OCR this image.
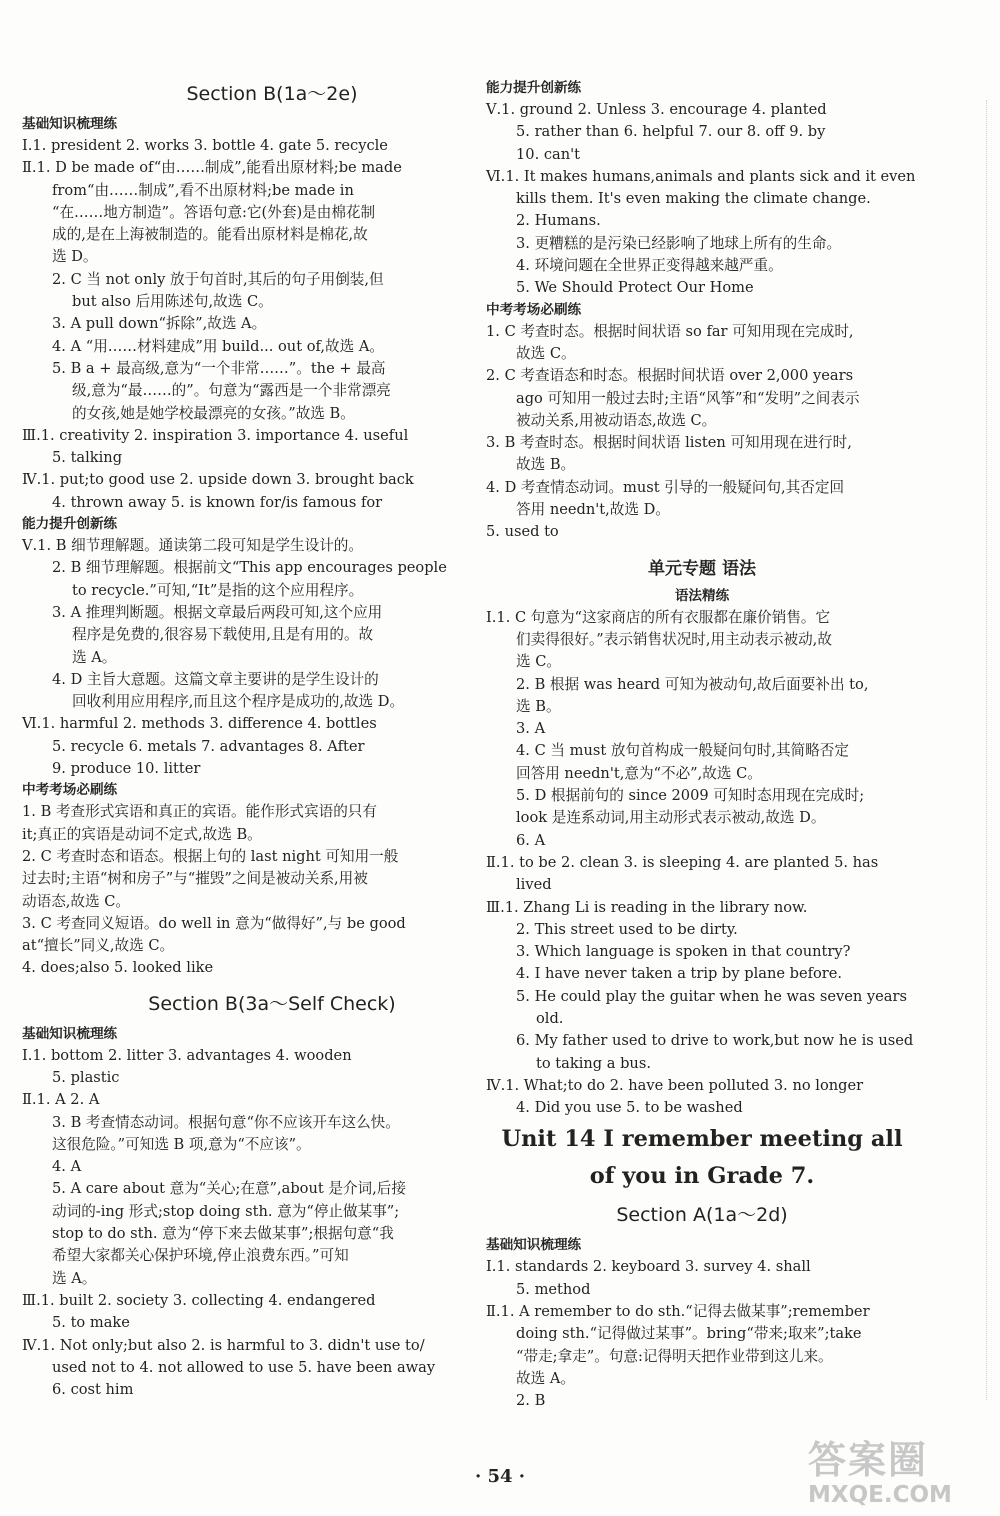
Section B(1a～2e)
基础知识梳理练
Ⅰ.1. president 2. works 3. bottle 4. gate 5. recycle
Ⅱ.1. D be made of“由……制成”,能看出原材料;be made
from“由……制成”,看不出原材料;be made in
“在……地方制造”。答语句意:它(外套)是由棉花制
成的,是在上海被制造的。能看出原材料是棉花,故
选 D。
2. C 当 not only 放于句首时,其后的句子用倒装,但
but also 后用陈述句,故选 C。
3. A pull down“拆除”,故选 A。
4. A “用……材料建成”用 build... out of,故选 A。
5. B a + 最高级,意为“一个非常……”。the + 最高
级,意为“最……的”。句意为“露西是一个非常漂亮
的女孩,她是她学校最漂亮的女孩。”故选 B。
Ⅲ.1. creativity 2. inspiration 3. importance 4. useful
5. talking
Ⅳ.1. put;to good use 2. upside down 3. brought back
4. thrown away 5. is known for/is famous for
能力提升创新练
Ⅴ.1. B 细节理解题。通读第二段可知是学生设计的。
2. B 细节理解题。根据前文“This app encourages people
to recycle.”可知,“It”是指的这个应用程序。
3. A 推理判断题。根据文章最后两段可知,这个应用
程序是免费的,很容易下载使用,且是有用的。故
选 A。
4. D 主旨大意题。这篇文章主要讲的是学生设计的
回收利用应用程序,而且这个程序是成功的,故选 D。
Ⅵ.1. harmful 2. methods 3. difference 4. bottles
5. recycle 6. metals 7. advantages 8. After
9. produce 10. litter
中考考场必刷练
1. B 考查形式宾语和真正的宾语。能作形式宾语的只有
it;真正的宾语是动词不定式,故选 B。
2. C 考查时态和语态。根据上句的 last night 可知用一般
过去时;主语“树和房子”与“摧毁”之间是被动关系,用被
动语态,故选 C。
3. C 考查同义短语。do well in 意为“做得好”,与 be good
at“擅长”同义,故选 C。
4. does;also 5. looked like
Section B(3a～Self Check)
基础知识梳理练
Ⅰ.1. bottom 2. litter 3. advantages 4. wooden
5. plastic
Ⅱ.1. A 2. A
3. B 考查情态动词。根据句意“你不应该开车这么快。
这很危险。”可知选 B 项,意为“不应该”。
4. A
5. A care about 意为“关心;在意”,about 是介词,后接
动词的-ing 形式;stop doing sth. 意为“停止做某事”;
stop to do sth. 意为“停下来去做某事”;根据句意“我
希望大家都关心保护环境,停止浪费东西。”可知
选 A。
Ⅲ.1. built 2. society 3. collecting 4. endangered
5. to make
Ⅳ.1. Not only;but also 2. is harmful to 3. didn't use to/
used not to 4. not allowed to use 5. have been away
6. cost him
能力提升创新练
Ⅴ.1. ground 2. Unless 3. encourage 4. planted
5. rather than 6. helpful 7. our 8. off 9. by
10. can't
Ⅵ.1. It makes humans,animals and plants sick and it even
kills them. It's even making the climate change.
2. Humans.
3. 更糟糕的是污染已经影响了地球上所有的生命。
4. 环境问题在全世界正变得越来越严重。
5. We Should Protect Our Home
中考考场必刷练
1. C 考查时态。根据时间状语 so far 可知用现在完成时,
故选 C。
2. C 考查语态和时态。根据时间状语 over 2,000 years
ago 可知用一般过去时;主语“风筝”和“发明”之间表示
被动关系,用被动语态,故选 C。
3. B 考查时态。根据时间状语 listen 可知用现在进行时,
故选 B。
4. D 考查情态动词。must 引导的一般疑问句,其否定回
答用 needn't,故选 D。
5. used to
单元专题 语法
语法精练
Ⅰ.1. C 句意为“这家商店的所有衣服都在廉价销售。它
们卖得很好。”表示销售状况时,用主动表示被动,故
选 C。
2. B 根据 was heard 可知为被动句,故后面要补出 to,
选 B。
3. A
4. C 当 must 放句首构成一般疑问句时,其简略否定
回答用 needn't,意为“不必”,故选 C。
5. D 根据前句的 since 2009 可知时态用现在完成时;
look 是连系动词,用主动形式表示被动,故选 D。
6. A
Ⅱ.1. to be 2. clean 3. is sleeping 4. are planted 5. has
lived
Ⅲ.1. Zhang Li is reading in the library now.
2. This street used to be dirty.
3. Which language is spoken in that country?
4. I have never taken a trip by plane before.
5. He could play the guitar when he was seven years
old.
6. My father used to drive to work,but now he is used
to taking a bus.
Ⅳ.1. What;to do 2. have been polluted 3. no longer
4. Did you use 5. to be washed
Unit 14 I remember meeting all
of you in Grade 7.
Section A(1a～2d)
基础知识梳理练
Ⅰ.1. standards 2. keyboard 3. survey 4. shall
5. method
Ⅱ.1. A remember to do sth.“记得去做某事”;remember
doing sth.“记得做过某事”。bring“带来;取来”;take
“带走;拿走”。句意:记得明天把作业带到这儿来。
故选 A。
2. B
· 54 ·	答案圈
MXQE.COM
